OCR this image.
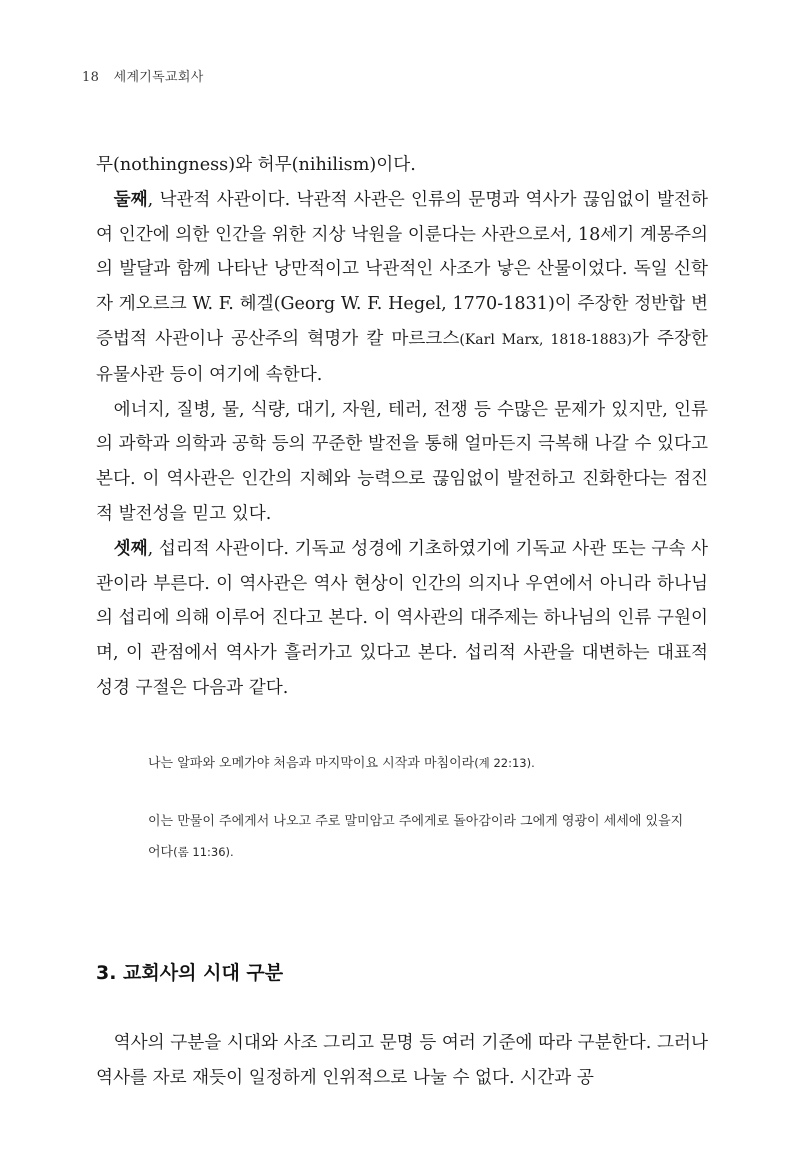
18 세계기독교회사

무(nothingness)와 허무(nihilism)이다.

둘째, 낙관적 사관이다. 낙관적 사관은 인류의 문명과 역사가 끊임없이 발전하여 인간에 의한 인간을 위한 지상 낙원을 이룬다는 사관으로서, 18세기 계몽주의의 발달과 함께 나타난 낭만적이고 낙관적인 사조가 낳은 산물이었다. 독일 신학자 게오르크 W. F. 헤겔(Georg W. F. Hegel, 1770-1831)이 주장한 정반합 변증법적 사관이나 공산주의 혁명가 칼 마르크스(Karl Marx, 1818-1883)가 주장한 유물사관 등이 여기에 속한다.

에너지, 질병, 물, 식량, 대기, 자원, 테러, 전쟁 등 수많은 문제가 있지만, 인류의 과학과 의학과 공학 등의 꾸준한 발전을 통해 얼마든지 극복해 나갈 수 있다고 본다. 이 역사관은 인간의 지혜와 능력으로 끊임없이 발전하고 진화한다는 점진적 발전성을 믿고 있다.

셋째, 섭리적 사관이다. 기독교 성경에 기초하였기에 기독교 사관 또는 구속 사관이라 부른다. 이 역사관은 역사 현상이 인간의 의지나 우연에서 아니라 하나님의 섭리에 의해 이루어 진다고 본다. 이 역사관의 대주제는 하나님의 인류 구원이며, 이 관점에서 역사가 흘러가고 있다고 본다. 섭리적 사관을 대변하는 대표적 성경 구절은 다음과 같다.

나는 알파와 오메가야 처음과 마지막이요 시작과 마침이라(계 22:13).

이는 만물이 주에게서 나오고 주로 말미암고 주에게로 돌아감이라 그에게 영광이 세세에 있을지어다(롬 11:36).

3. 교회사의 시대 구분

역사의 구분을 시대와 사조 그리고 문명 등 여러 기준에 따라 구분한다. 그러나 역사를 자로 재듯이 일정하게 인위적으로 나눌 수 없다. 시간과 공
